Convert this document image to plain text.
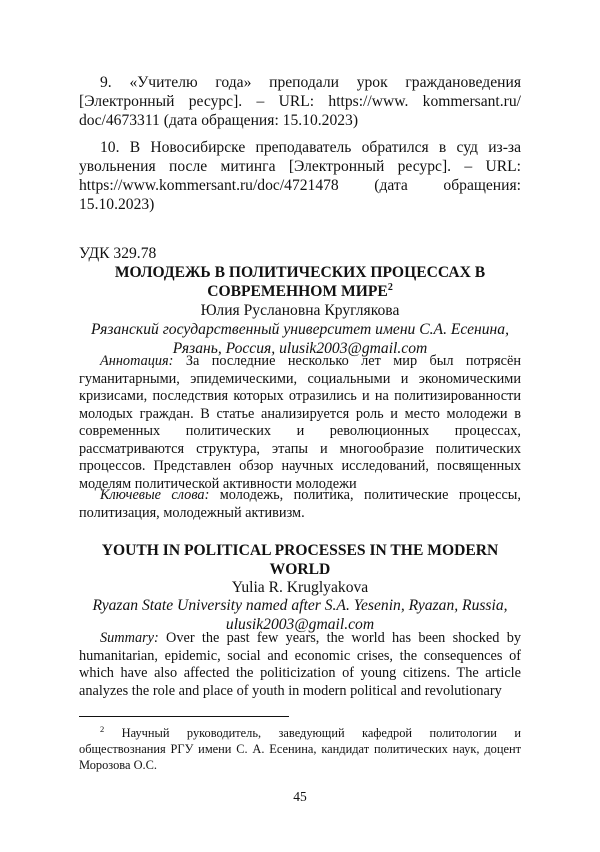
9. «Учителю года» преподали урок граждановедения [Электронный ресурс]. – URL: https://www. kommersant.ru/ doc/4673311 (дата обращения: 15.10.2023)

10. В Новосибирске преподаватель обратился в суд из-за увольнения после митинга [Электронный ресурс]. – URL: https://www.kommersant.ru/doc/4721478 (дата обращения: 15.10.2023)

УДК 329.78
МОЛОДЕЖЬ В ПОЛИТИЧЕСКИХ ПРОЦЕССАХ В
СОВРЕМЕННОМ МИРЕ$^2$
Юлия Руслановна Круглякова
Рязанский государственный университет имени С.А. Есенина,
Рязань, Россия, ulusik2003@gmail.com

Аннотация: За последние несколько лет мир был потрясён гуманитарными, эпидемическими, социальными и экономическими кризисами, последствия которых отразились и на политизированности молодых граждан. В статье анализируется роль и место молодежи в современных политических и революционных процессах, рассматриваются структура, этапы и многообразие политических процессов. Представлен обзор научных исследований, посвященных моделям политической активности молодежи

Ключевые слова: молодежь, политика, политические процессы, политизация, молодежный активизм.

YOUTH IN POLITICAL PROCESSES IN THE MODERN
WORLD
Yulia R. Kruglyakova
Ryazan State University named after S.A. Yesenin, Ryazan, Russia,
ulusik2003@gmail.com

Summary: Over the past few years, the world has been shocked by humanitarian, epidemic, social and economic crises, the consequences of which have also affected the politicization of young citizens. The article analyzes the role and place of youth in modern political and revolutionary

$^2$ Научный руководитель, заведующий кафедрой политологии и обществознания РГУ имени С. А. Есенина, кандидат политических наук, доцент Морозова О.С.

45
